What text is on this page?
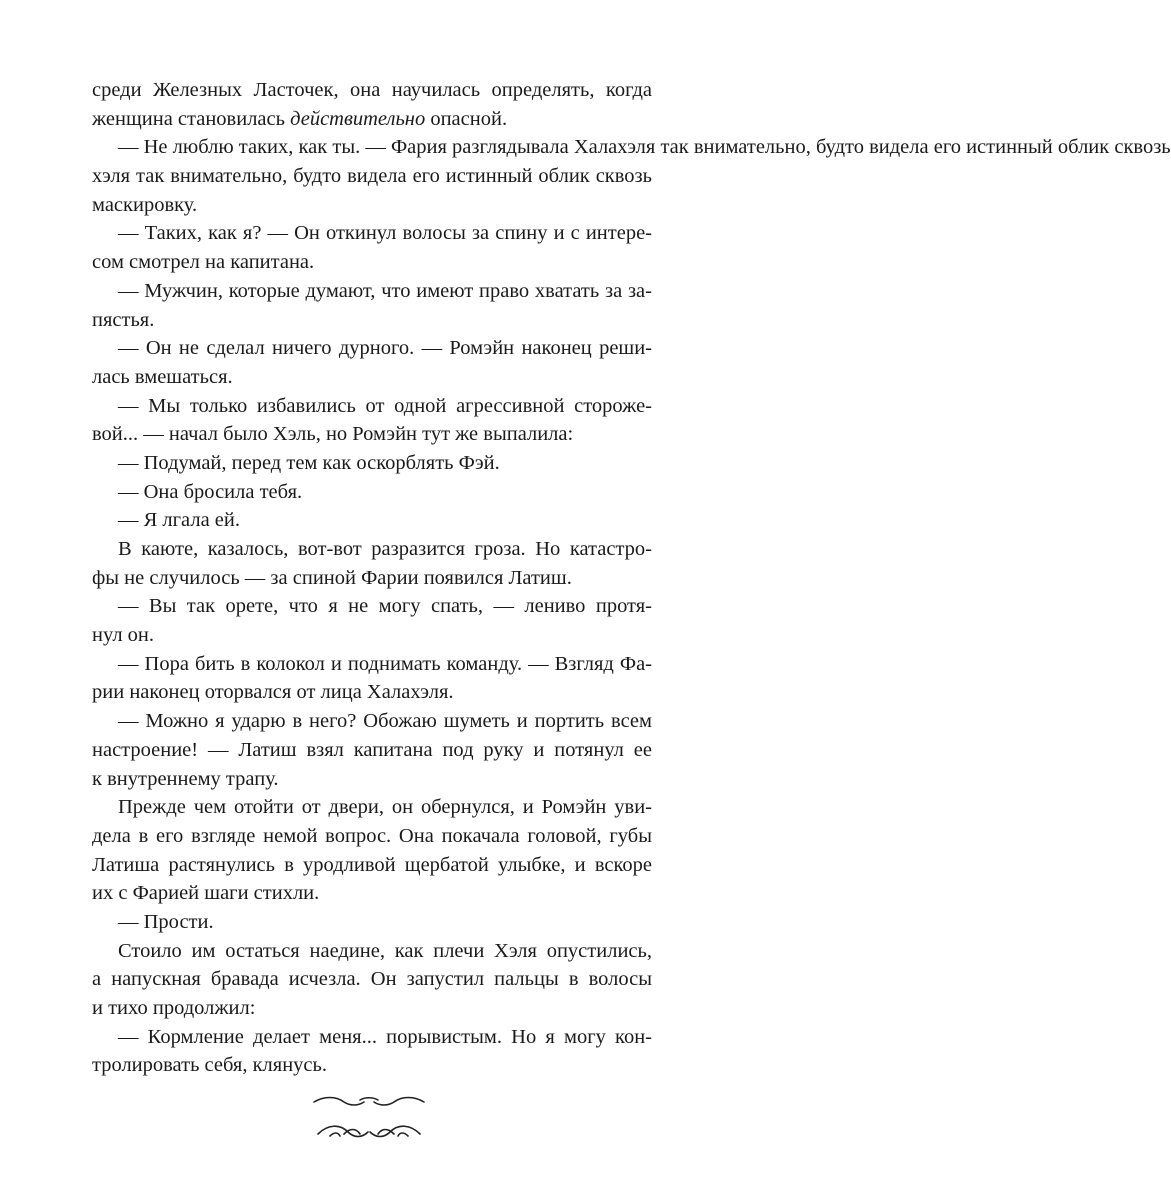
среди Железных Ласточек, она научилась определять, когда
женщина становилась действительно опасной.
— Не люблю таких, как ты. — Фария разглядывала Халахэля так внимательно, будто видела его истинный облик сквозь
хэля так внимательно, будто видела его истинный облик сквозь
маскировку.
— Таких, как я? — Он откинул волосы за спину и с интере-
сом смотрел на капитана.
— Мужчин, которые думают, что имеют право хватать за за-
пястья.
— Он не сделал ничего дурного. — Ромэйн наконец реши-
лась вмешаться.
— Мы только избавились от одной агрессивной стороже-
вой... — начал было Хэль, но Ромэйн тут же выпалила:
— Подумай, перед тем как оскорблять Фэй.
— Она бросила тебя.
— Я лгала ей.
В каюте, казалось, вот-вот разразится гроза. Но катастро-
фы не случилось — за спиной Фарии появился Латиш.
— Вы так орете, что я не могу спать, — лениво протя-
нул он.
— Пора бить в колокол и поднимать команду. — Взгляд Фа-
рии наконец оторвался от лица Халахэля.
— Можно я ударю в него? Обожаю шуметь и портить всем
настроение! — Латиш взял капитана под руку и потянул ее
к внутреннему трапу.
Прежде чем отойти от двери, он обернулся, и Ромэйн уви-
дела в его взгляде немой вопрос. Она покачала головой, губы
Латиша растянулись в уродливой щербатой улыбке, и вскоре
их с Фарией шаги стихли.
— Прости.
Стоило им остаться наедине, как плечи Хэля опустились,
а напускная бравада исчезла. Он запустил пальцы в волосы
и тихо продолжил:
— Кормление делает меня... порывистым. Но я могу кон-
тролировать себя, клянусь.
